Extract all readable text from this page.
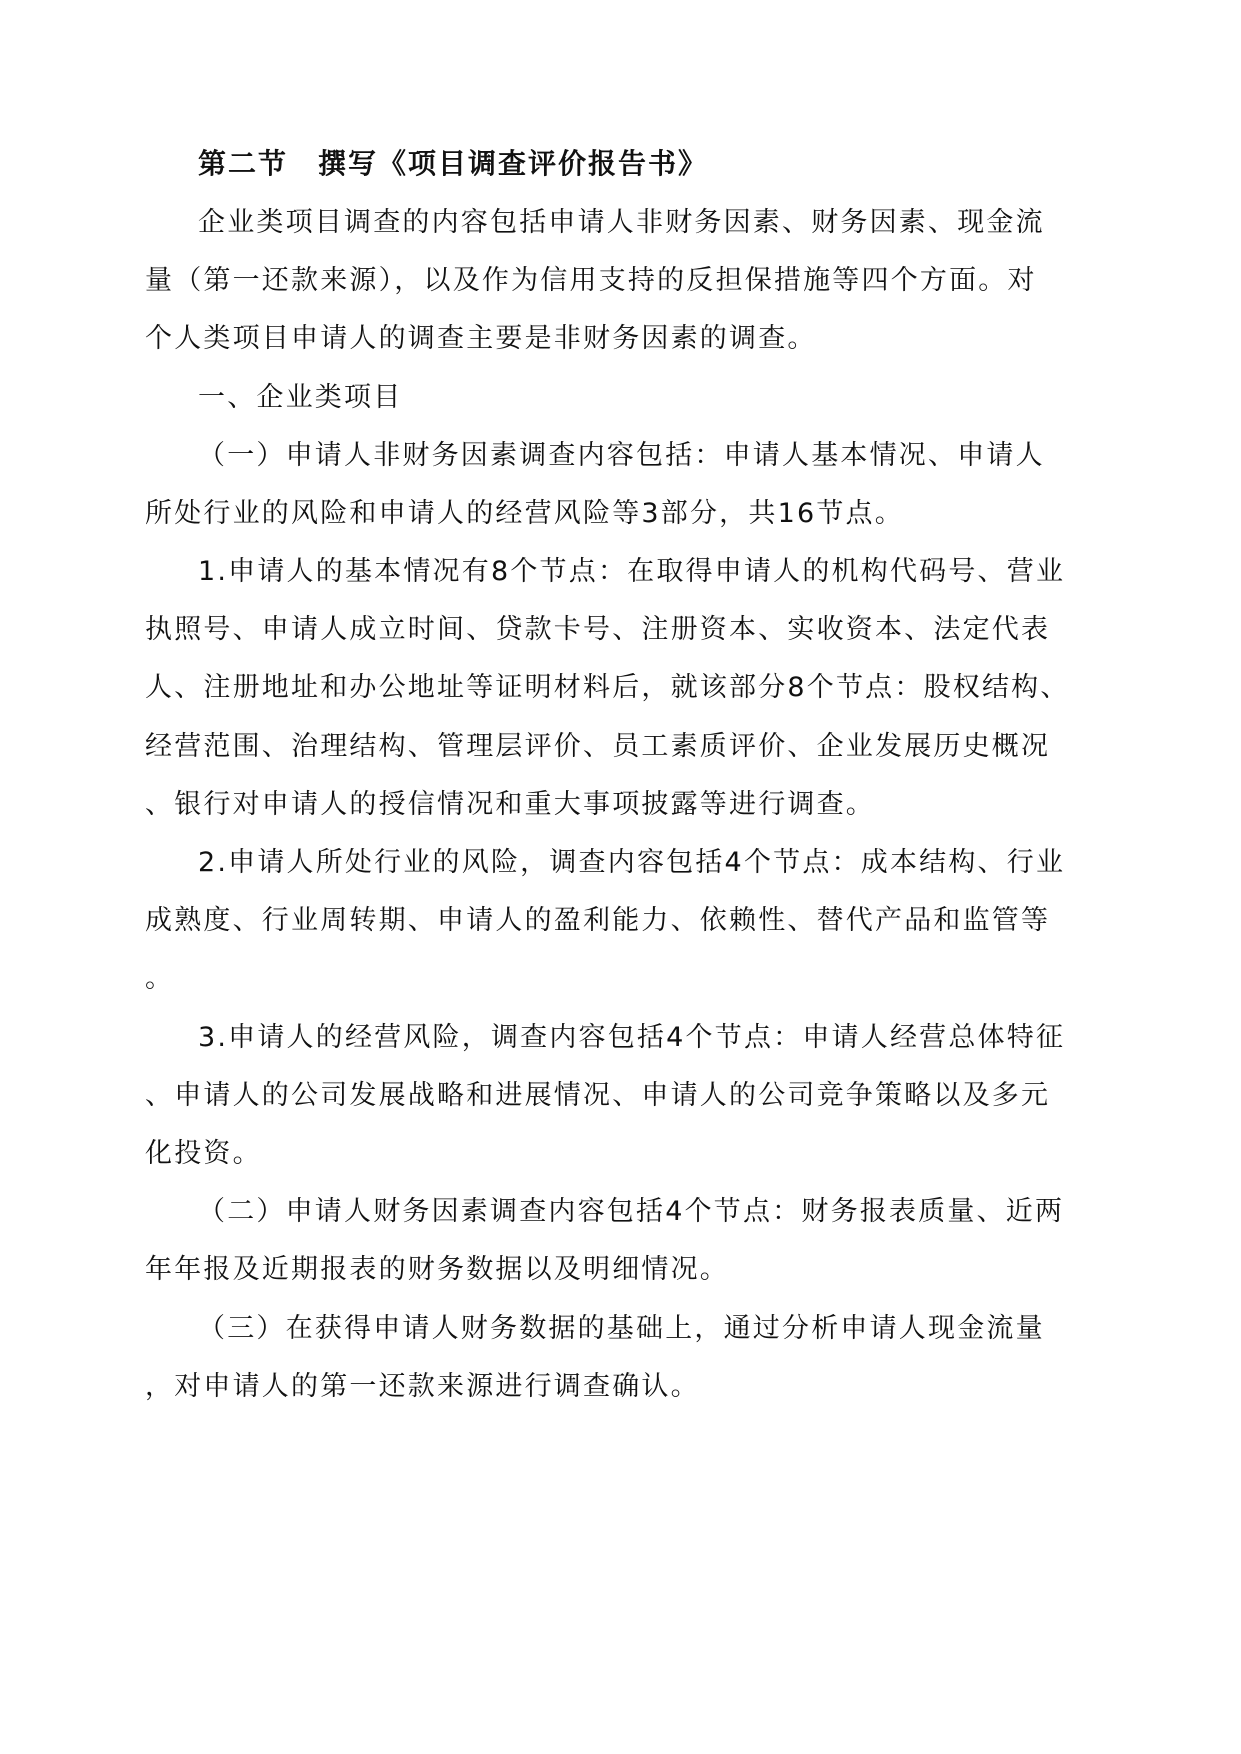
第二节　撰写《项目调查评价报告书》
企业类项目调查的内容包括申请人非财务因素、财务因素、现金流
量（第一还款来源），以及作为信用支持的反担保措施等四个方面。对
个人类项目申请人的调查主要是非财务因素的调查。
一、企业类项目
（一）申请人非财务因素调查内容包括：申请人基本情况、申请人
所处行业的风险和申请人的经营风险等3部分，共16节点。
1.申请人的基本情况有8个节点：在取得申请人的机构代码号、营业
执照号、申请人成立时间、贷款卡号、注册资本、实收资本、法定代表
人、注册地址和办公地址等证明材料后，就该部分8个节点：股权结构、
经营范围、治理结构、管理层评价、员工素质评价、企业发展历史概况
、银行对申请人的授信情况和重大事项披露等进行调查。
2.申请人所处行业的风险，调查内容包括4个节点：成本结构、行业
成熟度、行业周转期、申请人的盈利能力、依赖性、替代产品和监管等
。
3.申请人的经营风险，调查内容包括4个节点：申请人经营总体特征
、申请人的公司发展战略和进展情况、申请人的公司竞争策略以及多元
化投资。
（二）申请人财务因素调查内容包括4个节点：财务报表质量、近两
年年报及近期报表的财务数据以及明细情况。
（三）在获得申请人财务数据的基础上，通过分析申请人现金流量
，对申请人的第一还款来源进行调查确认。
